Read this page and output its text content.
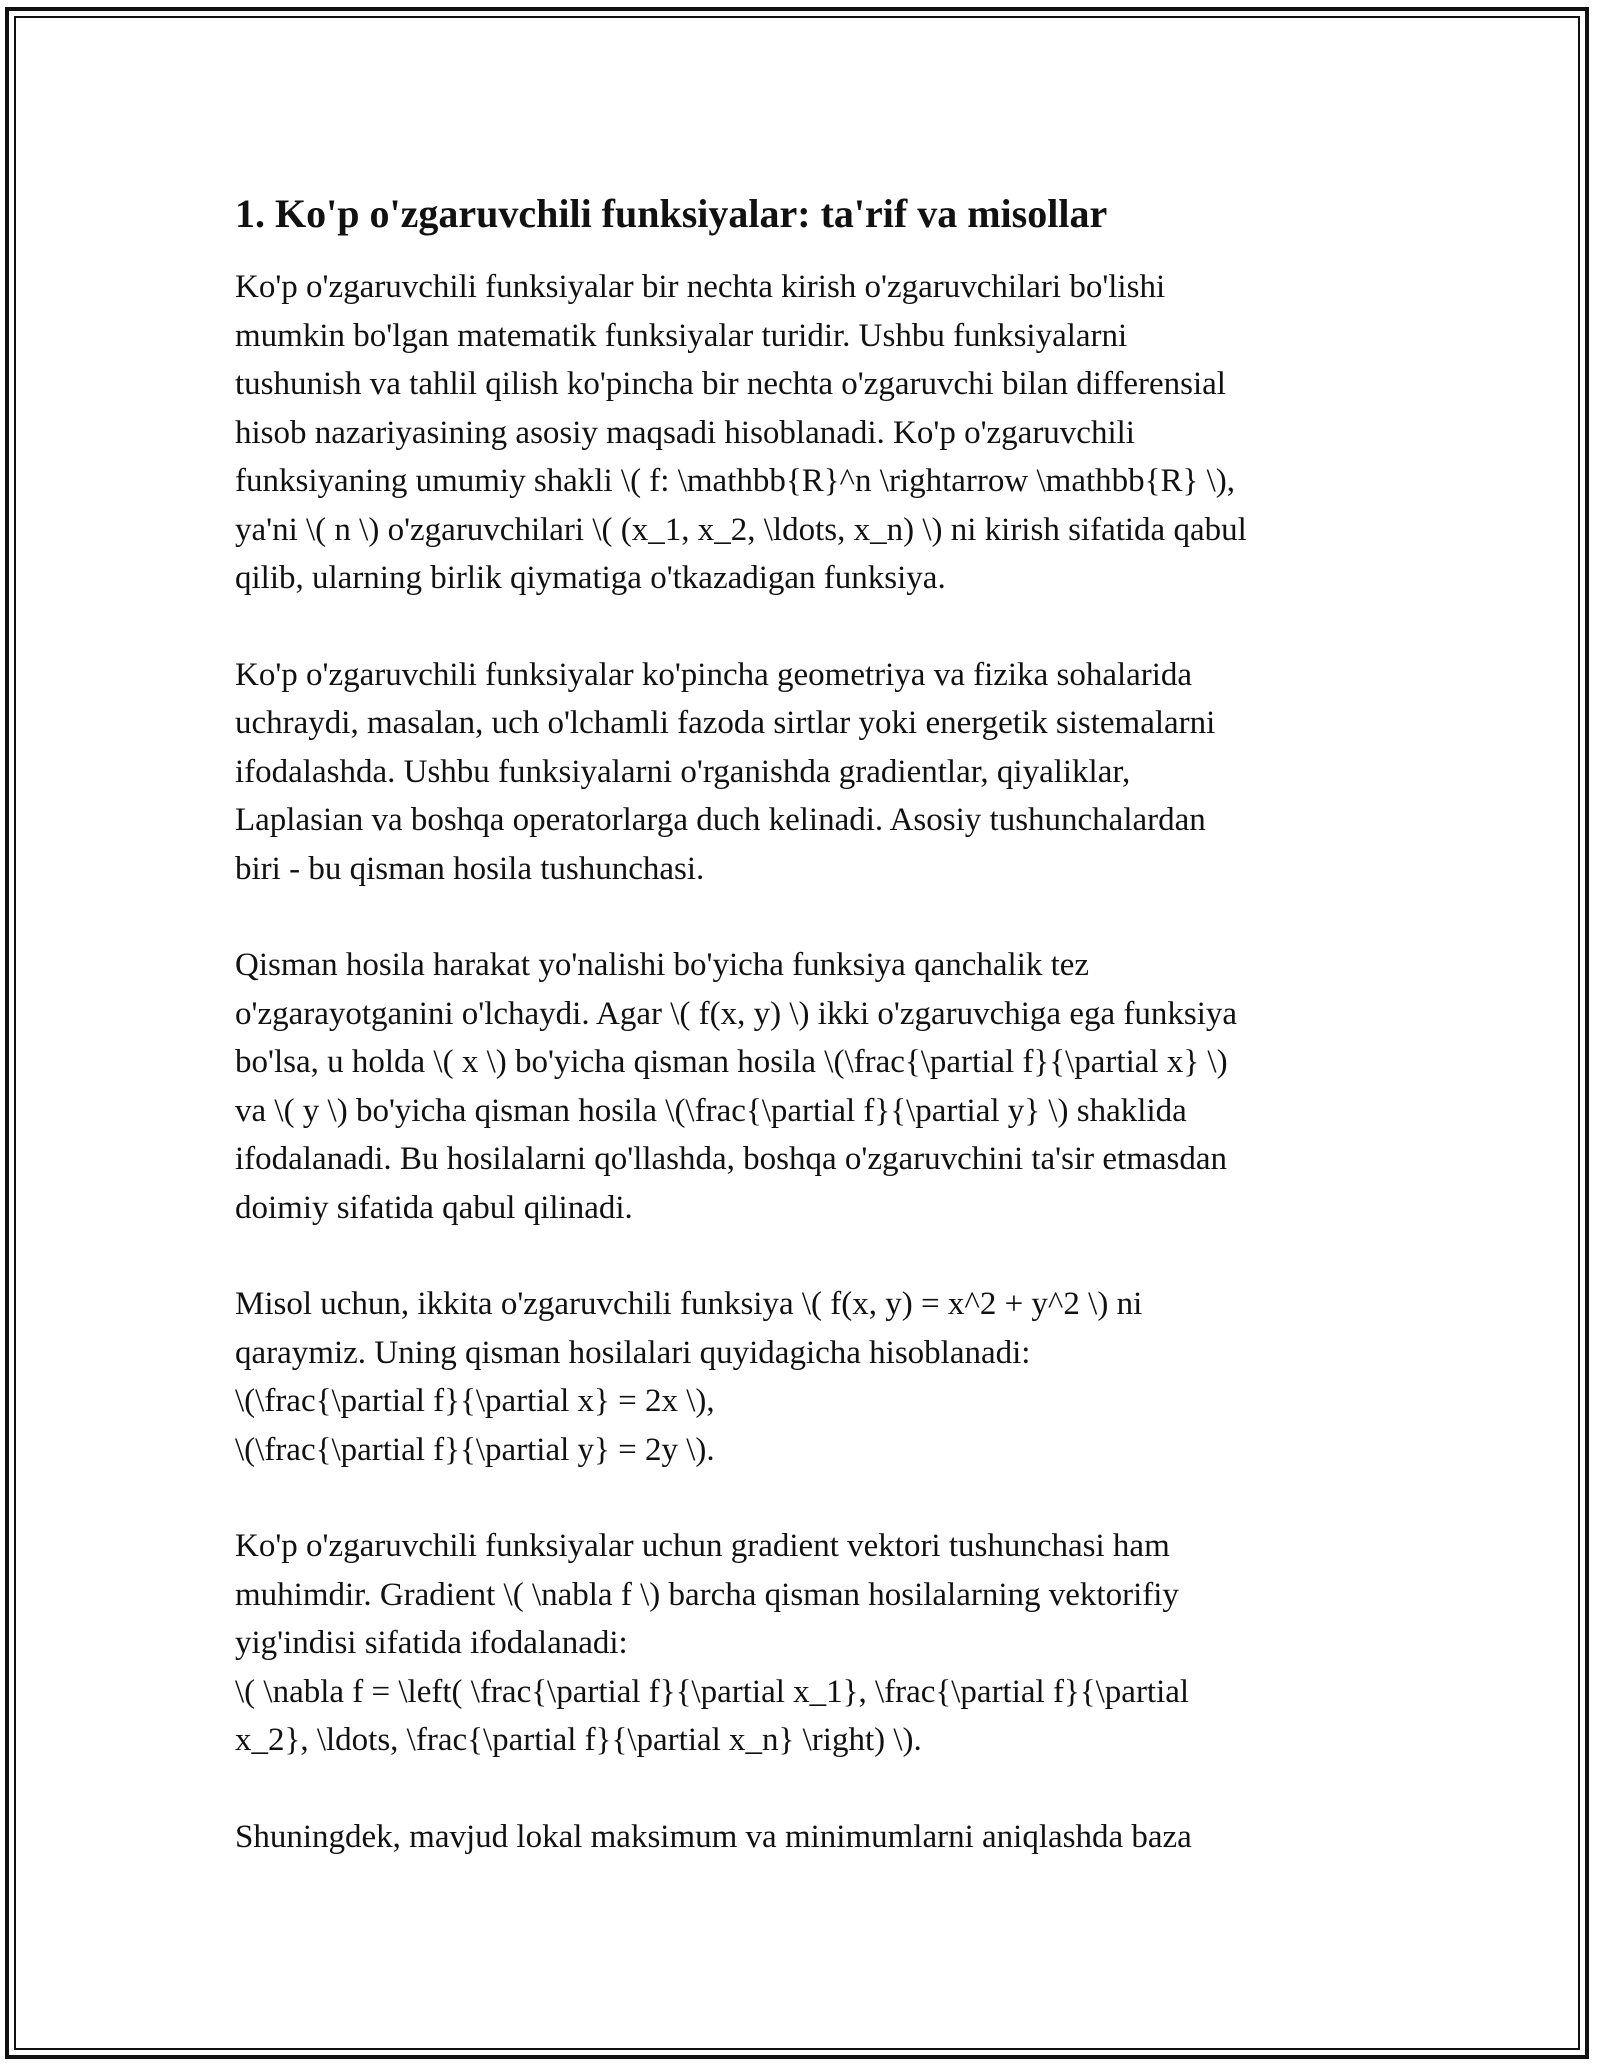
1. Ko'p o'zgaruvchili funksiyalar: ta'rif va misollar

Ko'p o'zgaruvchili funksiyalar bir nechta kirish o'zgaruvchilari bo'lishi
mumkin bo'lgan matematik funksiyalar turidir. Ushbu funksiyalarni
tushunish va tahlil qilish ko'pincha bir nechta o'zgaruvchi bilan differensial
hisob nazariyasining asosiy maqsadi hisoblanadi. Ko'p o'zgaruvchili
funksiyaning umumiy shakli \( f: \mathbb{R}^n \rightarrow \mathbb{R} \),
ya'ni \( n \) o'zgaruvchilari \( (x_1, x_2, \ldots, x_n) \) ni kirish sifatida qabul
qilib, ularning birlik qiymatiga o'tkazadigan funksiya.

Ko'p o'zgaruvchili funksiyalar ko'pincha geometriya va fizika sohalarida
uchraydi, masalan, uch o'lchamli fazoda sirtlar yoki energetik sistemalarni
ifodalashda. Ushbu funksiyalarni o'rganishda gradientlar, qiyaliklar,
Laplasian va boshqa operatorlarga duch kelinadi. Asosiy tushunchalardan
biri - bu qisman hosila tushunchasi.

Qisman hosila harakat yo'nalishi bo'yicha funksiya qanchalik tez
o'zgarayotganini o'lchaydi. Agar \( f(x, y) \) ikki o'zgaruvchiga ega funksiya
bo'lsa, u holda \( x \) bo'yicha qisman hosila \(\frac{\partial f}{\partial x} \)
va \( y \) bo'yicha qisman hosila \(\frac{\partial f}{\partial y} \) shaklida
ifodalanadi. Bu hosilalarni qo'llashda, boshqa o'zgaruvchini ta'sir etmasdan
doimiy sifatida qabul qilinadi.

Misol uchun, ikkita o'zgaruvchili funksiya \( f(x, y) = x^2 + y^2 \) ni
qaraymiz. Uning qisman hosilalari quyidagicha hisoblanadi:
\(\frac{\partial f}{\partial x} = 2x \),
\(\frac{\partial f}{\partial y} = 2y \).

Ko'p o'zgaruvchili funksiyalar uchun gradient vektori tushunchasi ham
muhimdir. Gradient \( \nabla f \) barcha qisman hosilalarning vektorifiy
yig'indisi sifatida ifodalanadi:
\( \nabla f = \left( \frac{\partial f}{\partial x_1}, \frac{\partial f}{\partial
x_2}, \ldots, \frac{\partial f}{\partial x_n} \right) \).

Shuningdek, mavjud lokal maksimum va minimumlarni aniqlashda baza
